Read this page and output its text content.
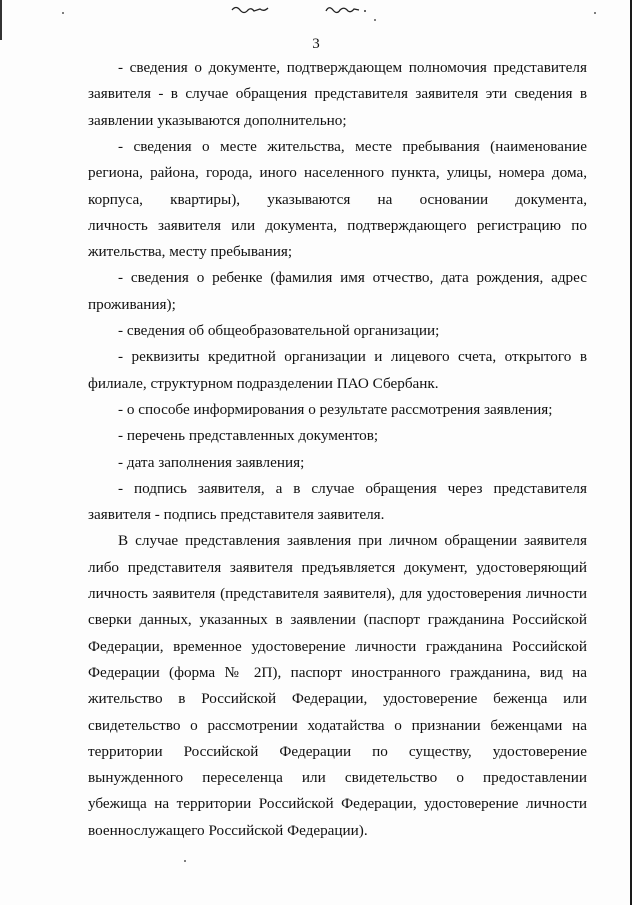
3
- сведения о документе, подтверждающем полномочия представителя
заявителя - в случае обращения представителя заявителя эти сведения в
заявлении указываются дополнительно;
- сведения о месте жительства, месте пребывания (наименование
региона, района, города, иного населенного пункта, улицы, номера дома,
корпуса, квартиры), указываются на основании документа,
личность заявителя или документа, подтверждающего регистрацию по
жительства, месту пребывания;
- сведения о ребенке (фамилия имя отчество, дата рождения, адрес
проживания);
- сведения об общеобразовательной организации;
- реквизиты кредитной организации и лицевого счета, открытого в
филиале, структурном подразделении ПАО Сбербанк.
- о способе информирования о результате рассмотрения заявления;
- перечень представленных документов;
- дата заполнения заявления;
- подпись заявителя, а в случае обращения через представителя
заявителя - подпись представителя заявителя.
В случае представления заявления при личном обращении заявителя
либо представителя заявителя предъявляется документ, удостоверяющий
личность заявителя (представителя заявителя), для удостоверения личности
сверки данных, указанных в заявлении (паспорт гражданина Российской
Федерации, временное удостоверение личности гражданина Российской
Федерации (форма № 2П), паспорт иностранного гражданина, вид на
жительство в Российской Федерации, удостоверение беженца или
свидетельство о рассмотрении ходатайства о признании беженцами на
территории Российской Федерации по существу, удостоверение
вынужденного переселенца или свидетельство о предоставлении
убежища на территории Российской Федерации, удостоверение личности
военнослужащего Российской Федерации).
